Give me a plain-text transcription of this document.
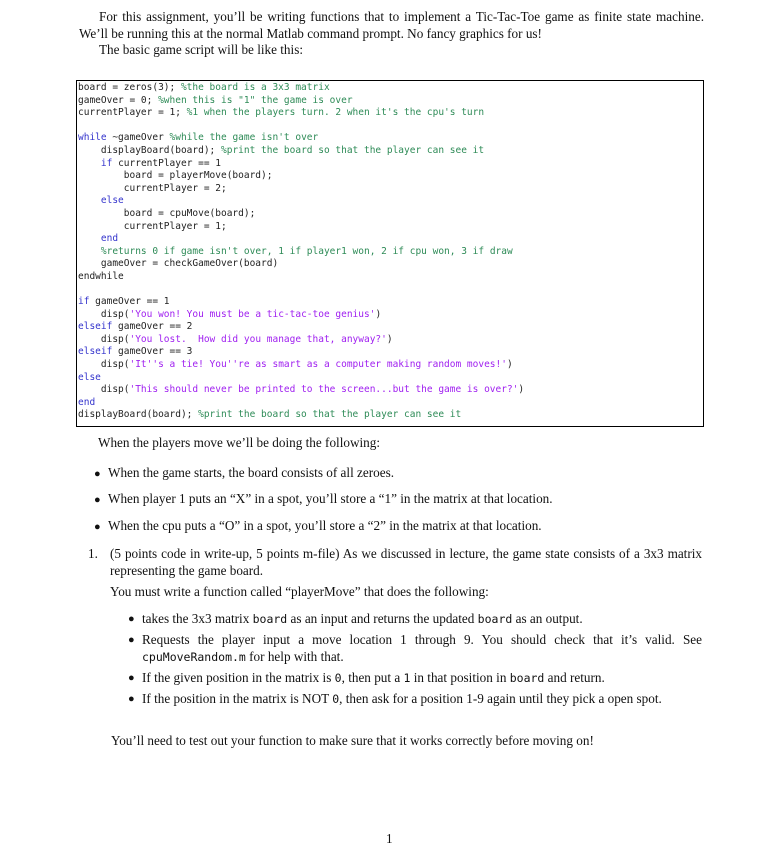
For this assignment, you’ll be writing functions that to implement a Tic-Tac-Toe game as finite state machine. We’ll be running this at the normal Matlab command prompt. No fancy graphics for us!

The basic game script will be like this:

board = zeros(3); %the board is a 3x3 matrix
gameOver = 0; %when this is "1" the game is over
currentPlayer = 1; %1 when the players turn. 2 when it's the cpu's turn
while ~gameOver %while the game isn't over
displayBoard(board); %print the board so that the player can see it
if currentPlayer == 1
board = playerMove(board);
currentPlayer = 2;
else
board = cpuMove(board);
currentPlayer = 1;
end
%returns 0 if game isn't over, 1 if player1 won, 2 if cpu won, 3 if draw
gameOver = checkGameOver(board)
endwhile
if gameOver == 1
disp('You won! You must be a tic-tac-toe genius')
elseif gameOver == 2
disp('You lost.  How did you manage that, anyway?')
elseif gameOver == 3
disp('It''s a tie! You''re as smart as a computer making random moves!')
else
disp('This should never be printed to the screen...but the game is over?')
end
displayBoard(board); %print the board so that the player can see it

When the players move we’ll be doing the following:

● When the game starts, the board consists of all zeroes.
● When player 1 puts an “X” in a spot, you’ll store a “1” in the matrix at that location.
● When the cpu puts a “O” in a spot, you’ll store a “2” in the matrix at that location.
1. (5 points code in write-up, 5 points m-file) As we discussed in lecture, the game state consists of a 3x3 matrix representing the game board.

You must write a function called “playerMove” that does the following:

● takes the 3x3 matrix board as an input and returns the updated board as an output.
● Requests the player input a move location 1 through 9. You should check that it’s valid. See cpuMoveRandom.m for help with that.
● If the given position in the matrix is 0, then put a 1 in that position in board and return.
● If the position in the matrix is NOT 0, then ask for a position 1-9 again until they pick a open spot.

You’ll need to test out your function to make sure that it works correctly before moving on!

1
